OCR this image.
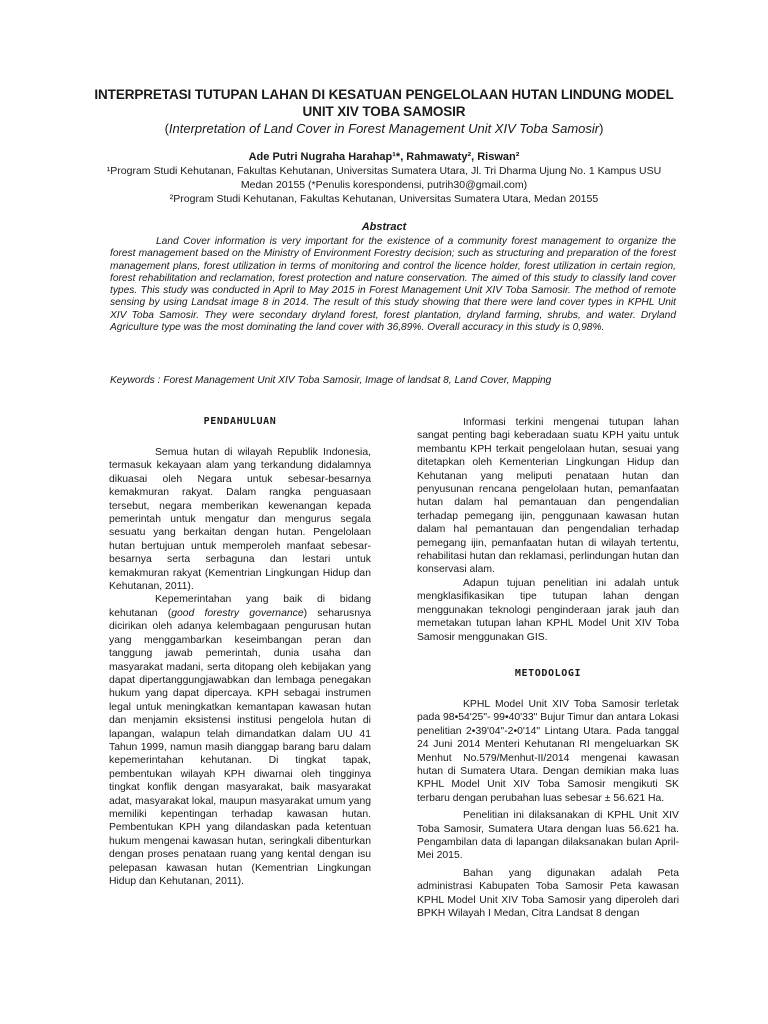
INTERPRETASI TUTUPAN LAHAN DI KESATUAN PENGELOLAAN HUTAN LINDUNG MODEL
UNIT XIV TOBA SAMOSIR
(Interpretation of Land Cover in Forest Management Unit XIV Toba Samosir)
Ade Putri Nugraha Harahap¹*, Rahmawaty², Riswan²
¹Program Studi Kehutanan, Fakultas Kehutanan, Universitas Sumatera Utara, Jl. Tri Dharma Ujung No. 1 Kampus USU
Medan 20155 (*Penulis korespondensi, putrih30@gmail.com)
²Program Studi Kehutanan, Fakultas Kehutanan, Universitas Sumatera Utara, Medan 20155
Abstract

Land Cover information is very important for the existence of a community forest management to organize the forest management based on the Ministry of Environment Forestry decision; such as structuring and preparation of the forest management plans, forest utilization in terms of monitoring and control the licence holder, forest utilization in certain region, forest rehabilitation and reclamation, forest protection and nature conservation. The aimed of this study to classify land cover types. This study was conducted in April to May 2015 in Forest Management Unit XIV Toba Samosir. The method of remote sensing by using Landsat image 8 in 2014. The result of this study showing that there were land cover types in KPHL Unit XIV Toba Samosir. They were secondary dryland forest, forest plantation, dryland farming, shrubs, and water. Dryland Agriculture type was the most dominating the land cover with 36,89%. Overall accuracy in this study is 0,98%.

Keywords : Forest Management Unit XIV Toba Samosir, Image of landsat 8, Land Cover, Mapping
PENDAHULUAN

Semua hutan di wilayah Republik Indonesia, termasuk kekayaan alam yang terkandung didalamnya dikuasai oleh Negara untuk sebesar-besarnya kemakmuran rakyat. Dalam rangka penguasaan tersebut, negara memberikan kewenangan kepada pemerintah untuk mengatur dan mengurus segala sesuatu yang berkaitan dengan hutan. Pengelolaan hutan bertujuan untuk memperoleh manfaat sebesar-besarnya serta serbaguna dan lestari untuk kemakmuran rakyat (Kementrian Lingkungan Hidup dan Kehutanan, 2011).

Kepemerintahan yang baik di bidang kehutanan (good forestry governance) seharusnya dicirikan oleh adanya kelembagaan pengurusan hutan yang menggambarkan keseimbangan peran dan tanggung jawab pemerintah, dunia usaha dan masyarakat madani, serta ditopang oleh kebijakan yang dapat dipertanggungjawabkan dan lembaga penegakan hukum yang dapat dipercaya. KPH sebagai instrumen legal untuk meningkatkan kemantapan kawasan hutan dan menjamin eksistensi institusi pengelola hutan di lapangan, walapun telah dimandatkan dalam UU 41 Tahun 1999, namun masih dianggap barang baru dalam kepemerintahan kehutanan. Di tingkat tapak, pembentukan wilayah KPH diwarnai oleh tingginya tingkat konflik dengan masyarakat, baik masyarakat adat, masyarakat lokal, maupun masyarakat umum yang memiliki kepentingan terhadap kawasan hutan. Pembentukan KPH yang dilandaskan pada ketentuan hukum mengenai kawasan hutan, seringkali dibenturkan dengan proses penataan ruang yang kental dengan isu pelepasan kawasan hutan (Kementrian Lingkungan Hidup dan Kehutanan, 2011).

Informasi terkini mengenai tutupan lahan sangat penting bagi keberadaan suatu KPH yaitu untuk membantu KPH terkait pengelolaan hutan, sesuai yang ditetapkan oleh Kementerian Lingkungan Hidup dan Kehutanan yang meliputi penataan hutan dan penyusunan rencana pengelolaan hutan, pemanfaatan hutan dalam hal pemantauan dan pengendalian terhadap pemegang ijin, penggunaan kawasan hutan dalam hal pemantauan dan pengendalian terhadap pemegang ijin, pemanfaatan hutan di wilayah tertentu, rehabilitasi hutan dan reklamasi, perlindungan hutan dan konservasi alam.

Adapun tujuan penelitian ini adalah untuk mengklasifikasikan tipe tutupan lahan dengan menggunakan teknologi penginderaan jarak jauh dan memetakan tutupan lahan KPHL Model Unit XIV Toba Samosir menggunakan GIS.

METODOLOGI

KPHL Model Unit XIV Toba Samosir terletak pada 98•54'25"- 99•40'33" Bujur Timur dan antara Lokasi penelitian 2•39'04"-2•0'14" Lintang Utara. Pada tanggal 24 Juni 2014 Menteri Kehutanan RI mengeluarkan SK Menhut No.579/Menhut-II/2014 mengenai kawasan hutan di Sumatera Utara. Dengan demikian maka luas KPHL Model Unit XIV Toba Samosir mengikuti SK terbaru dengan perubahan luas sebesar ± 56.621 Ha.

Penelitian ini dilaksanakan di KPHL Unit XIV Toba Samosir, Sumatera Utara dengan luas 56.621 ha. Pengambilan data di lapangan dilaksanakan bulan April-Mei 2015.

Bahan yang digunakan adalah Peta administrasi Kabupaten Toba Samosir Peta kawasan KPHL Model Unit XIV Toba Samosir yang diperoleh dari BPKH Wilayah I Medan, Citra Landsat 8 dengan
